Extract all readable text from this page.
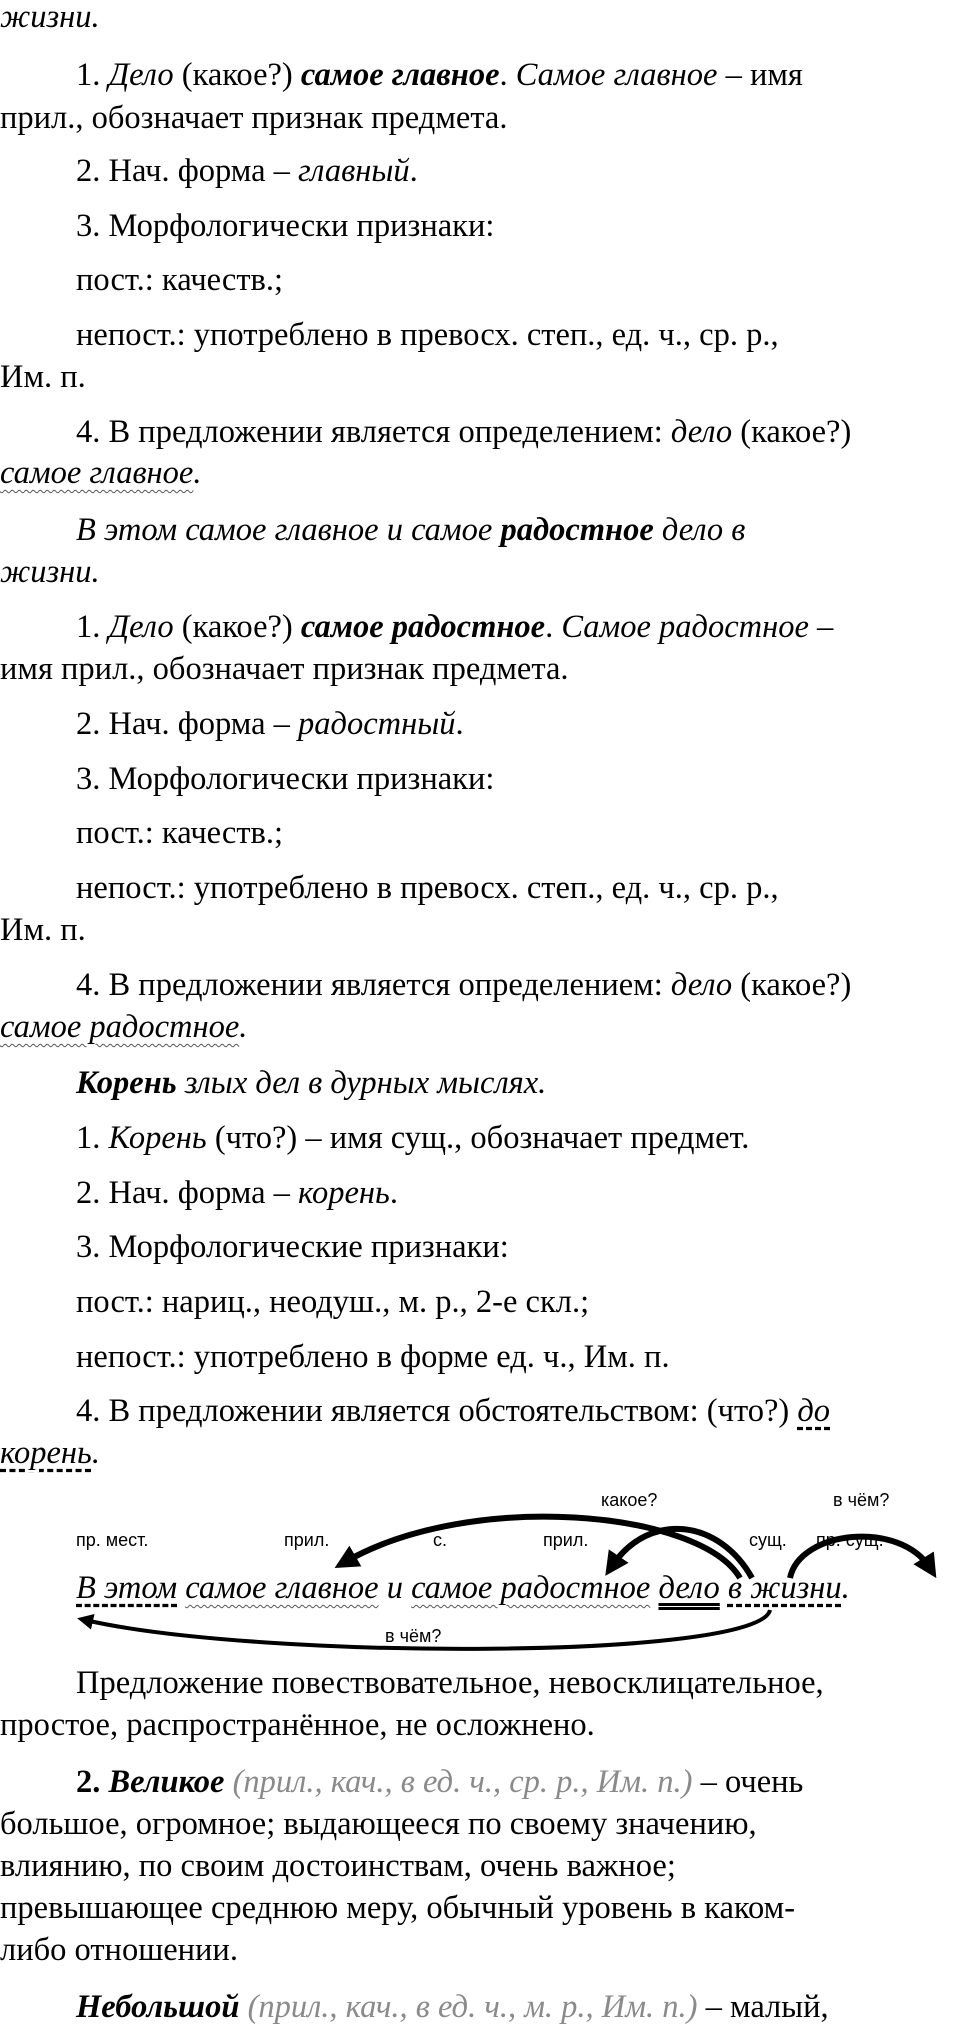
жизни.
1. Дело (какое?) самое главное. Самое главное – имя
прил., обозначает признак предмета.
2. Нач. форма – главный.
3. Морфологически признаки:
пост.: качеств.;
непост.: употреблено в превосх. степ., ед. ч., ср. р.,
Им. п.
4. В предложении является определением: дело (какое?)
самое главное.
В этом самое главное и самое радостное дело в
жизни.
1. Дело (какое?) самое радостное. Самое радостное –
имя прил., обозначает признак предмета.
2. Нач. форма – радостный.
3. Морфологически признаки:
пост.: качеств.;
непост.: употреблено в превосх. степ., ед. ч., ср. р.,
Им. п.
4. В предложении является определением: дело (какое?)
самое радостное.
Корень злых дел в дурных мыслях.
1. Корень (что?) – имя сущ., обозначает предмет.
2. Нач. форма – корень.
3. Морфологические признаки:
пост.: нариц., неодуш., м. р., 2-е скл.;
непост.: употреблено в форме ед. ч., Им. п.
4. В предложении является обстоятельством: (что?) до
корень.
какое?	в чём?
пр. мест.	прил.	с.	прил.	сущ. пр. сущ.
В этом самое главное и самое радостное дело в жизни.
в чём?
Предложение повествовательное, невосклицательное,
простое, распространённое, не осложнено.
2. Великое (прил., кач., в ед. ч., ср. р., Им. п.) – очень
большое, огромное; выдающееся по своему значению,
влиянию, по своим достоинствам, очень важное;
превышающее среднюю меру, обычный уровень в каком-
либо отношении.
Небольшой (прил., кач., в ед. ч., м. р., Им. п.) – малый,
